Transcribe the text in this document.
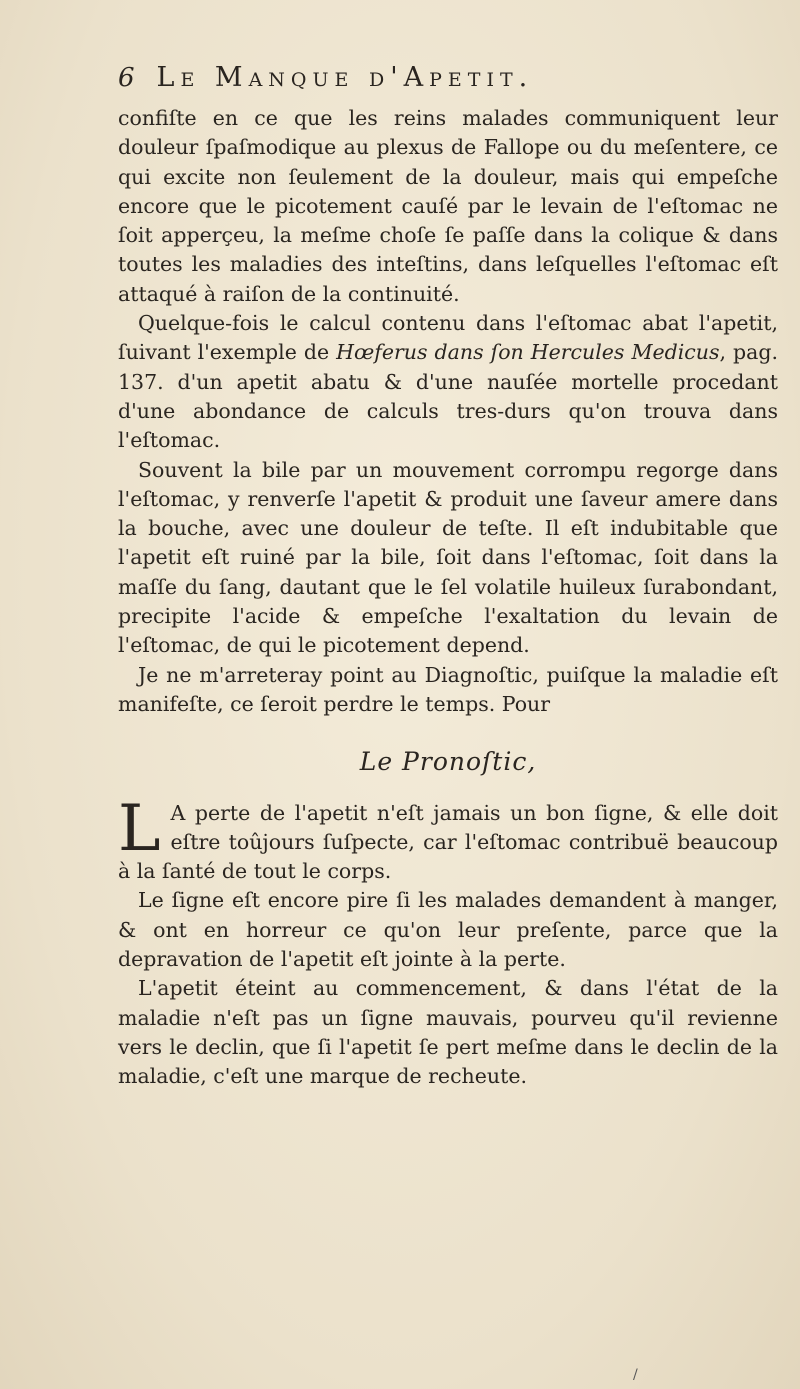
6 Le Manque d'Apetit.

confiſte en ce que les reins malades communiquent leur douleur ſpaſmodique au plexus de Fallope ou du meſentere, ce qui excite non ſeulement de la douleur, mais qui empeſche encore que le picotement cauſé par le levain de l'eſtomac ne ſoit apperçeu, la meſme choſe ſe paſſe dans la colique & dans toutes les maladies des inteſtins, dans leſquelles l'eſtomac eſt attaqué à raiſon de la continuité.

Quelque-fois le calcul contenu dans l'eſtomac abat l'apetit, ſuivant l'exemple de Hœferus dans ſon Hercules Medicus, pag. 137. d'un apetit abatu & d'une nauſée mortelle procedant d'une abondance de calculs tres-durs qu'on trouva dans l'eſtomac.

Souvent la bile par un mouvement corrompu regorge dans l'eſtomac, y renverſe l'apetit & produit une ſaveur amere dans la bouche, avec une douleur de teſte. Il eſt indubitable que l'apetit eſt ruiné par la bile, ſoit dans l'eſtomac, ſoit dans la maſſe du ſang, dautant que le ſel volatile huileux ſurabondant, precipite l'acide & empeſche l'exaltation du levain de l'eſtomac, de qui le picotement depend.

Je ne m'arreteray point au Diagnoſtic, puiſque la maladie eſt manifeſte, ce ſeroit perdre le temps. Pour

Le Pronoſtic,

L A perte de l'apetit n'eſt jamais un bon ſigne, & elle doit eſtre toûjours ſuſpecte, car l'eſtomac contribuë beaucoup à la ſanté de tout le corps.

Le ſigne eſt encore pire ſi les malades demandent à manger, & ont en horreur ce qu'on leur preſente, parce que la depravation de l'apetit eſt jointe à la perte.

L'apetit éteint au commencement, & dans l'état de la maladie n'eſt pas un ſigne mauvais, pourveu qu'il revienne vers le declin, que ſi l'apetit ſe pert meſme dans le declin de la maladie, c'eſt une marque de recheute.

/
